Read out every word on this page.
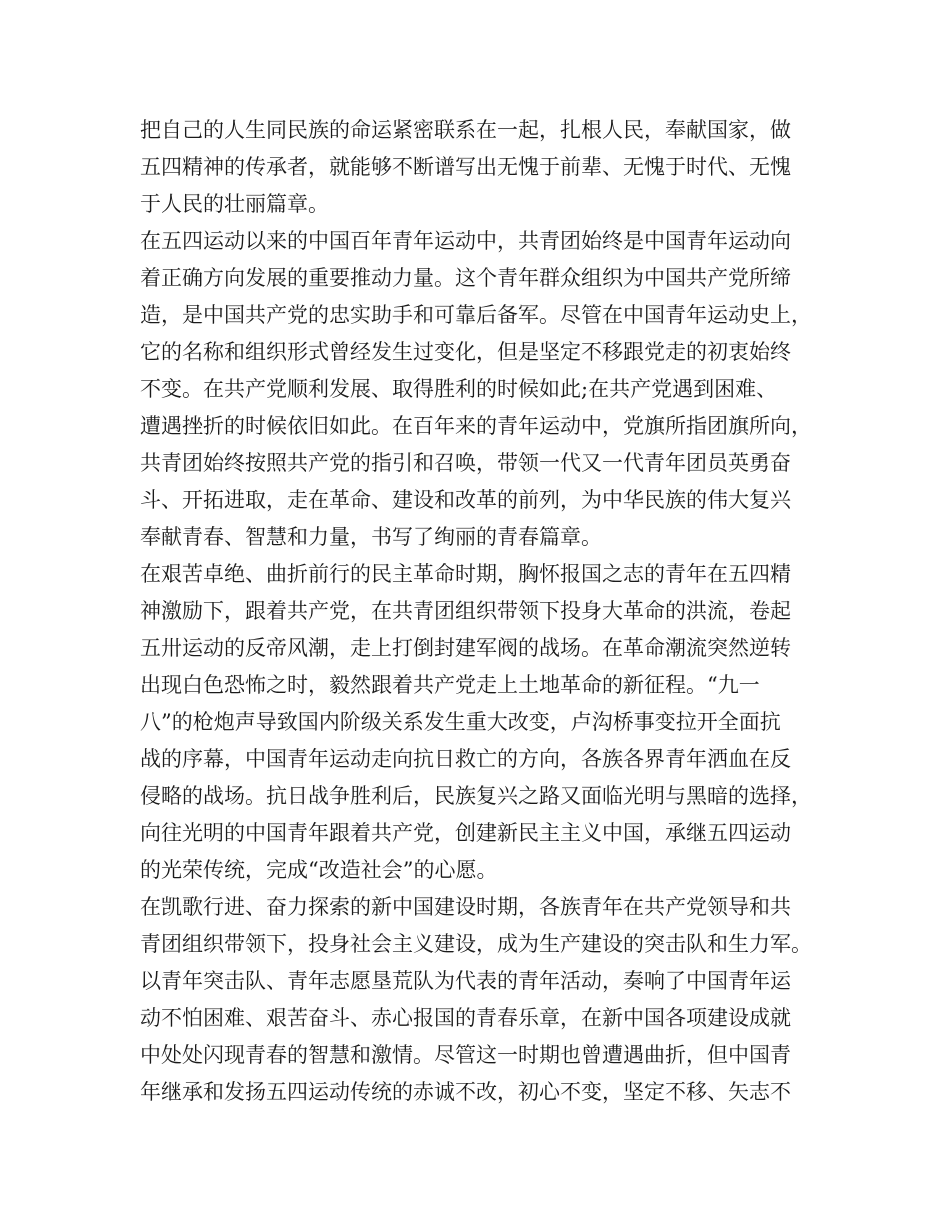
把自己的人生同民族的命运紧密联系在一起，扎根人民，奉献国家，做
五四精神的传承者，就能够不断谱写出无愧于前辈、无愧于时代、无愧
于人民的壮丽篇章。
在五四运动以来的中国百年青年运动中，共青团始终是中国青年运动向
着正确方向发展的重要推动力量。这个青年群众组织为中国共产党所缔
造，是中国共产党的忠实助手和可靠后备军。尽管在中国青年运动史上，
它的名称和组织形式曾经发生过变化，但是坚定不移跟党走的初衷始终
不变。在共产党顺利发展、取得胜利的时候如此;在共产党遇到困难、
遭遇挫折的时候依旧如此。在百年来的青年运动中，党旗所指团旗所向，
共青团始终按照共产党的指引和召唤，带领一代又一代青年团员英勇奋
斗、开拓进取，走在革命、建设和改革的前列，为中华民族的伟大复兴
奉献青春、智慧和力量，书写了绚丽的青春篇章。
在艰苦卓绝、曲折前行的民主革命时期，胸怀报国之志的青年在五四精
神激励下，跟着共产党，在共青团组织带领下投身大革命的洪流，卷起
五卅运动的反帝风潮，走上打倒封建军阀的战场。在革命潮流突然逆转
出现白色恐怖之时，毅然跟着共产党走上土地革命的新征程。“九一
八”的枪炮声导致国内阶级关系发生重大改变，卢沟桥事变拉开全面抗
战的序幕，中国青年运动走向抗日救亡的方向，各族各界青年洒血在反
侵略的战场。抗日战争胜利后，民族复兴之路又面临光明与黑暗的选择，
向往光明的中国青年跟着共产党，创建新民主主义中国，承继五四运动
的光荣传统，完成“改造社会”的心愿。
在凯歌行进、奋力探索的新中国建设时期，各族青年在共产党领导和共
青团组织带领下，投身社会主义建设，成为生产建设的突击队和生力军。
以青年突击队、青年志愿垦荒队为代表的青年活动，奏响了中国青年运
动不怕困难、艰苦奋斗、赤心报国的青春乐章，在新中国各项建设成就
中处处闪现青春的智慧和激情。尽管这一时期也曾遭遇曲折，但中国青
年继承和发扬五四运动传统的赤诚不改，初心不变，坚定不移、矢志不
